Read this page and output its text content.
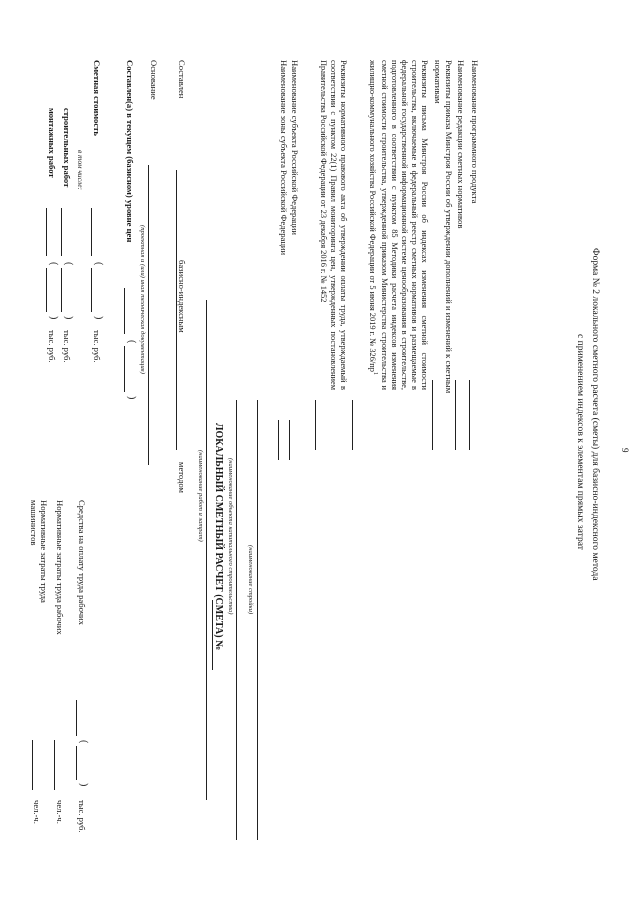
9
Форма № 2 локального сметного расчета (сметы) для базисно-индексного метода
с применением индексов к элементам прямых затрат
Наименование программного продукта
Наименование редакции сметных нормативов
Реквизиты приказа Минстроя России об утверждении дополнений и изменений к сметным
нормативам
Реквизиты письма Минстроя России об индексах изменения сметной стоимости строительства, включаемые в федеральный реестр сметных нормативов и размещаемые в федеральной государственной информационной системе ценообразования в строительстве, подготовленного в соответствии с пунктом 85 Методики расчета индексов изменения сметной стоимости строительства, утвержденной приказом Министерства строительства и жилищно-коммунального хозяйства Российской Федерации от 5 июня 2019 г. № $326/пр^1$
Реквизиты нормативного правового акта об утверждении оплаты труда, утверждаемый в соответствии с пунктом 22(1) Правил мониторинга цен, утвержденных постановлением Правительства Российской Федерации от 23 декабря 2016 г. № 1452
Наименование субъекта Российской Федерации
Наименование зоны субъекта Российской Федерации
(наименование стройки)
(наименование объекта капитального строительства)
ЛОКАЛЬНЫЙ СМЕТНЫЙ РАСЧЕТ (СМЕТА) №
(наименование работ и затрат)
Составлен
базисно-индексным
методом
Основание
(проектная и (или) иная техническая документация)
Составлен(а) в текущем (базисном) уровне цен
(
)
Сметная стоимость
(
)
тыс. руб.
в том числе:
строительных работ
(
)
тыс. руб.
монтажных работ
(
)
тыс. руб.
Средства на оплату труда рабочих
(
)
тыс. руб.
Нормативные затраты труда рабочих
чел.-ч.
Нормативные затраты труда
машинистов
чел.-ч.
